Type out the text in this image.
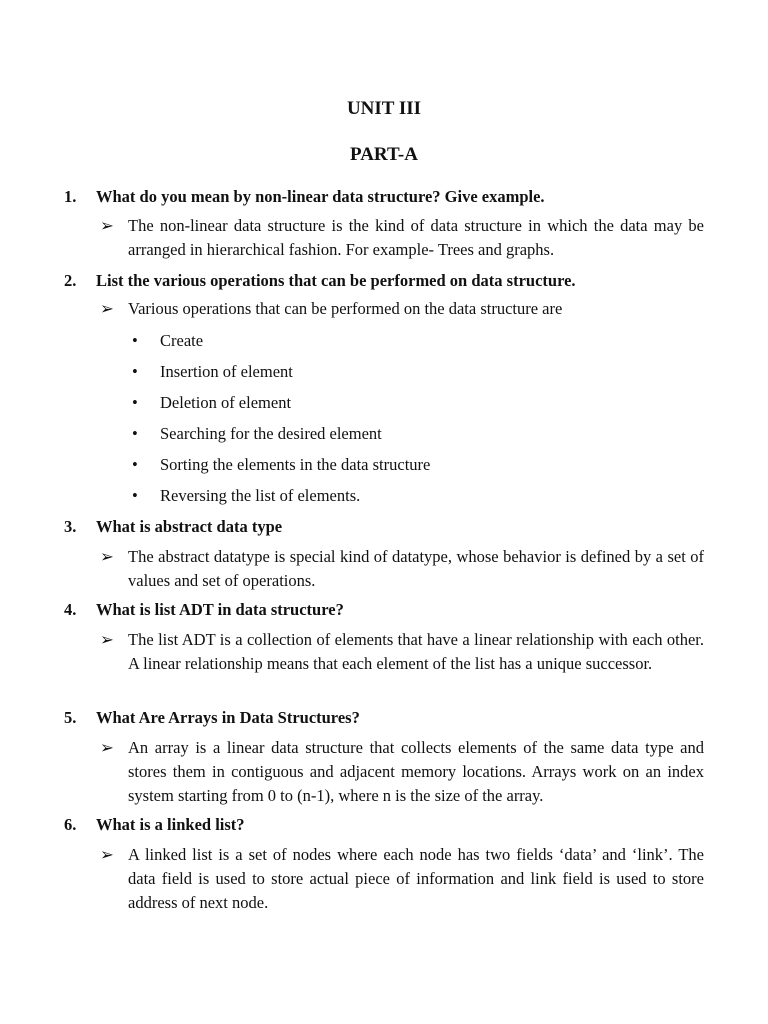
UNIT III
PART-A
1. What do you mean by non-linear data structure? Give example.
➢ The non-linear data structure is the kind of data structure in which the data may be arranged in hierarchical fashion. For example- Trees and graphs.
2. List the various operations that can be performed on data structure.
➢ Various operations that can be performed on the data structure are
• Create
• Insertion of element
• Deletion of element
• Searching for the desired element
• Sorting the elements in the data structure
• Reversing the list of elements.
3. What is abstract data type
➢ The abstract datatype is special kind of datatype, whose behavior is defined by a set of values and set of operations.
4. What is list ADT in data structure?
➢ The list ADT is a collection of elements that have a linear relationship with each other. A linear relationship means that each element of the list has a unique successor.
5. What Are Arrays in Data Structures?
➢ An array is a linear data structure that collects elements of the same data type and stores them in contiguous and adjacent memory locations. Arrays work on an index system starting from 0 to (n-1), where n is the size of the array.
6. What is a linked list?
➢ A linked list is a set of nodes where each node has two fields ‘data’ and ‘link’. The data field is used to store actual piece of information and link field is used to store address of next node.
